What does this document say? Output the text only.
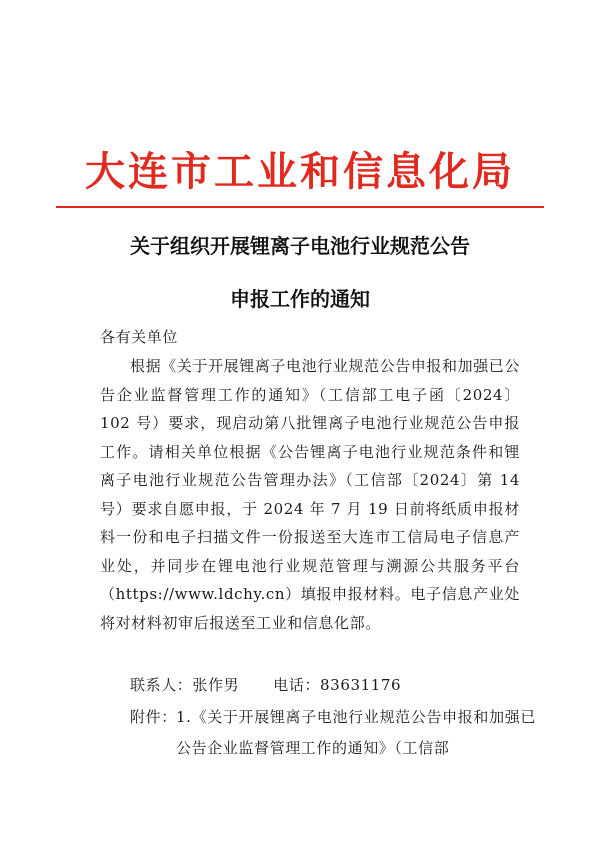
大连市工业和信息化局
关于组织开展锂离子电池行业规范公告
申报工作的通知
各有关单位
根据《关于开展锂离子电池行业规范公告申报和加强已公告企业监督管理工作的通知》（工信部工电子函〔2024〕102 号）要求，现启动第八批锂离子电池行业规范公告申报工作。请相关单位根据《公告锂离子电池行业规范条件和锂离子电池行业规范公告管理办法》（工信部〔2024〕第 14 号）要求自愿申报，于 2024 年 7 月 19 日前将纸质申报材料一份和电子扫描文件一份报送至大连市工信局电子信息产业处，并同步在锂电池行业规范管理与溯源公共服务平台（https://www.ldchy.cn）填报申报材料。电子信息产业处将对材料初审后报送至工业和信息化部。
联系人：张作男 电话：83631176
附件： 1.《关于开展锂离子电池行业规范公告申报和加强已公告企业监督管理工作的通知》（工信部
